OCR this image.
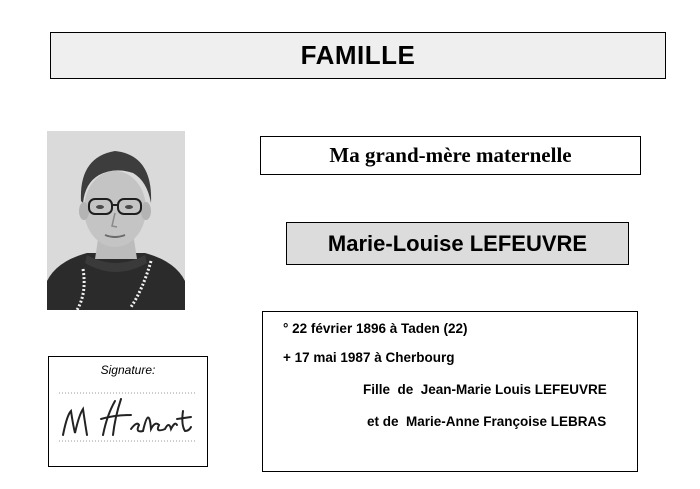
FAMILLE
Ma grand-mère maternelle
Marie-Louise LEFEUVRE
° 22 février 1896 à Taden (22)
+ 17 mai 1987 à Cherbourg
Fille  de  Jean-Marie Louis LEFEUVRE
et de  Marie-Anne Françoise LEBRAS
Signature:
